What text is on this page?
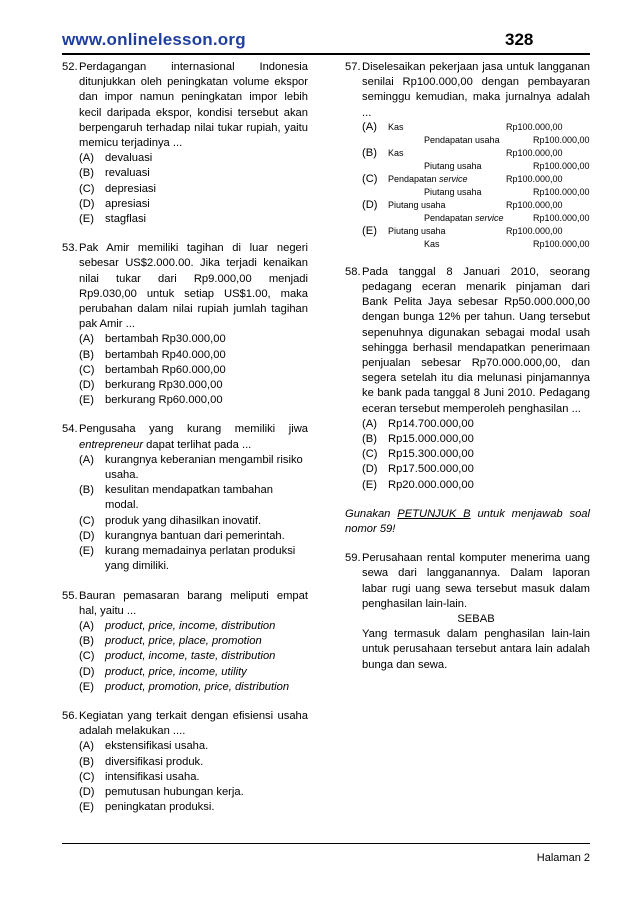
www.onlinelesson.org	328
52. Perdagangan internasional Indonesia ditunjukkan oleh peningkatan volume ekspor dan impor namun peningkatan impor lebih kecil daripada ekspor, kondisi tersebut akan berpengaruh terhadap nilai tukar rupiah, yaitu memicu terjadinya ...
(A) devaluasi
(B) revaluasi
(C) depresiasi
(D) apresiasi
(E) stagflasi
53. Pak Amir memiliki tagihan di luar negeri sebesar US$2.000.00. Jika terjadi kenaikan nilai tukar dari Rp9.000,00 menjadi Rp9.030,00 untuk setiap US$1.00, maka perubahan dalam nilai rupiah jumlah tagihan pak Amir ...
(A) bertambah Rp30.000,00
(B) bertambah Rp40.000,00
(C) bertambah Rp60.000,00
(D) berkurang Rp30.000,00
(E) berkurang Rp60.000,00
54. Pengusaha yang kurang memiliki jiwa entrepreneur dapat terlihat pada ...
(A) kurangnya keberanian mengambil risiko usaha.
(B) kesulitan mendapatkan tambahan modal.
(C) produk yang dihasilkan inovatif.
(D) kurangnya bantuan dari pemerintah.
(E) kurang memadainya perlatan produksi yang dimiliki.
55. Bauran pemasaran barang meliputi empat hal, yaitu ...
(A) product, price, income, distribution
(B) product, price, place, promotion
(C) product, income, taste, distribution
(D) product, price, income, utility
(E) product, promotion, price, distribution
56. Kegiatan yang terkait dengan efisiensi usaha adalah melakukan ....
(A) ekstensifikasi usaha.
(B) diversifikasi produk.
(C) intensifikasi usaha.
(D) pemutusan hubungan kerja.
(E) peningkatan produksi.
57. Diselesaikan pekerjaan jasa untuk langganan senilai Rp100.000,00 dengan pembayaran seminggu kemudian, maka jurnalnya adalah ...
(A) Kas	Rp100.000,00
Pendapatan usaha	Rp100.000,00
(B) Kas	Rp100.000,00
Piutang usaha	Rp100.000,00
(C) Pendapatan service	Rp100.000,00
Piutang usaha	Rp100.000,00
(D) Piutang usaha	Rp100.000,00
Pendapatan service	Rp100.000,00
(E) Piutang usaha	Rp100.000,00
Kas	Rp100.000,00
58. Pada tanggal 8 Januari 2010, seorang pedagang eceran menarik pinjaman dari Bank Pelita Jaya sebesar Rp50.000.000,00 dengan bunga 12% per tahun. Uang tersebut sepenuhnya digunakan sebagai modal usah sehingga berhasil mendapatkan penerimaan penjualan sebesar Rp70.000.000,00, dan segera setelah itu dia melunasi pinjamannya ke bank pada tanggal 8 Juni 2010. Pedagang eceran tersebut memperoleh penghasilan ...
(A) Rp14.700.000,00
(B) Rp15.000.000,00
(C) Rp15.300.000,00
(D) Rp17.500.000,00
(E) Rp20.000.000,00
Gunakan PETUNJUK B untuk menjawab soal nomor 59!
59. Perusahaan rental komputer menerima uang sewa dari langganannya. Dalam laporan labar rugi uang sewa tersebut masuk dalam penghasilan lain-lain.
SEBAB
Yang termasuk dalam penghasilan lain-lain untuk perusahaan tersebut antara lain adalah bunga dan sewa.
Halaman 2
